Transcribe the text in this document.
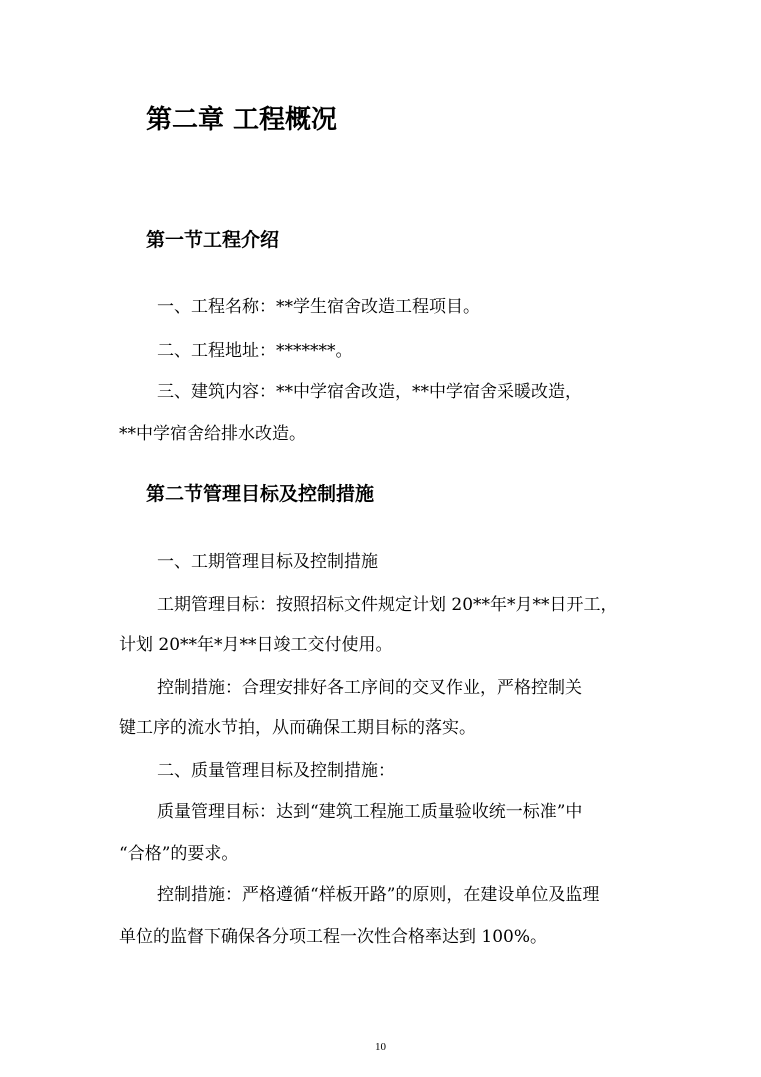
第二章 工程概况
第一节工程介绍
一、工程名称：**学生宿舍改造工程项目。
二、工程地址：*******。
三、建筑内容：**中学宿舍改造，**中学宿舍采暖改造，
**中学宿舍给排水改造。
第二节管理目标及控制措施
一、工期管理目标及控制措施
工期管理目标：按照招标文件规定计划 20**年*月**日开工，
计划 20**年*月**日竣工交付使用。
控制措施：合理安排好各工序间的交叉作业，严格控制关
键工序的流水节拍，从而确保工期目标的落实。
二、质量管理目标及控制措施：
质量管理目标：达到“建筑工程施工质量验收统一标准”中
“合格”的要求。
控制措施：严格遵循“样板开路”的原则，在建设单位及监理
单位的监督下确保各分项工程一次性合格率达到 100%。
10
